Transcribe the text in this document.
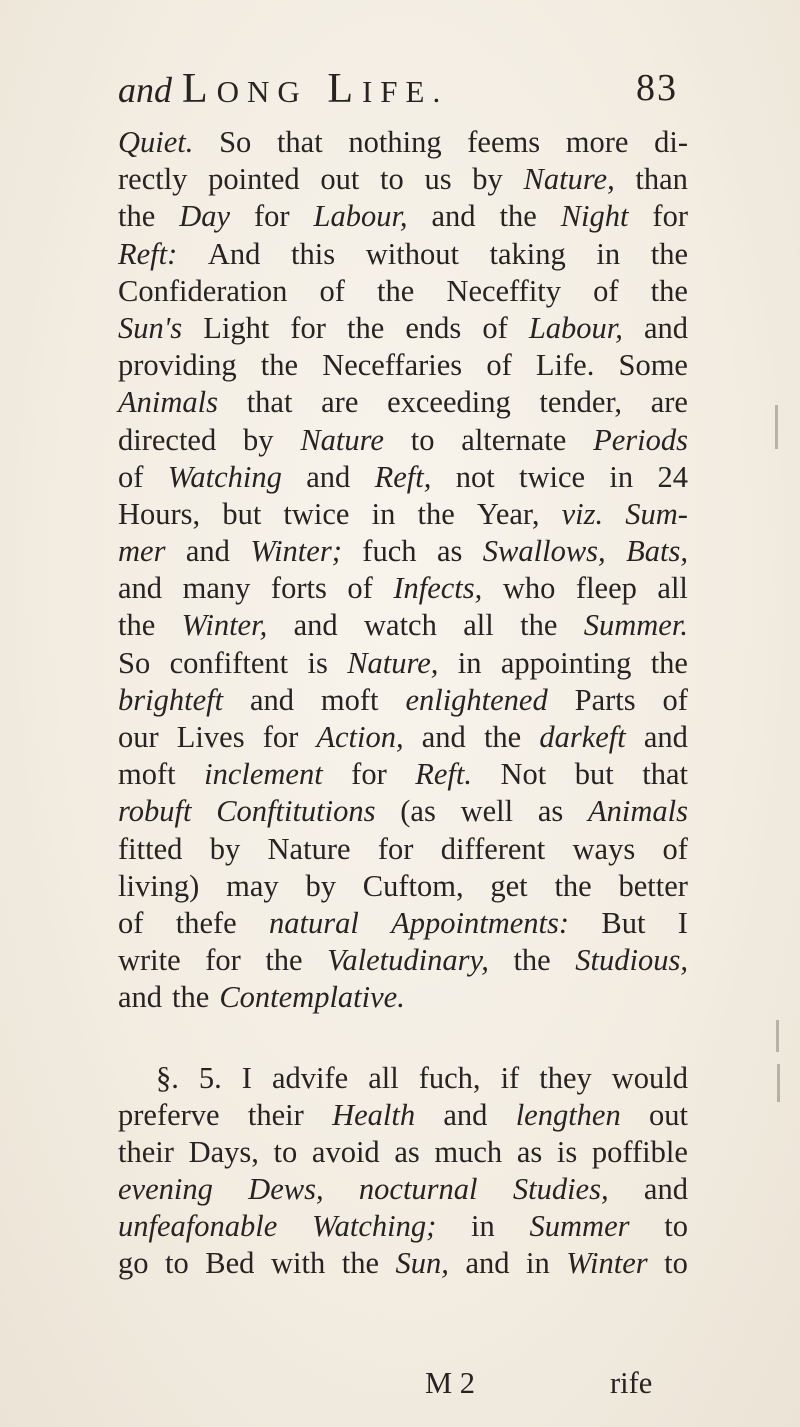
and LONG LIFE.	83
Quiet. So that nothing feems more di-
rectly pointed out to us by Nature, than
the Day for Labour, and the Night for
Reft: And this without taking in the
Confideration of the Neceffity of the
Sun's Light for the ends of Labour, and
providing the Neceffaries of Life. Some
Animals that are exceeding tender, are
directed by Nature to alternate Periods
of Watching and Reft, not twice in 24
Hours, but twice in the Year, viz. Sum-
mer and Winter; fuch as Swallows, Bats,
and many forts of Infects, who fleep all
the Winter, and watch all the Summer.
So confiftent is Nature, in appointing the
brighteft and moft enlightened Parts of
our Lives for Action, and the darkeft and
moft inclement for Reft. Not but that
robuft Conftitutions (as well as Animals
fitted by Nature for different ways of
living) may by Cuftom, get the better
of thefe natural Appointments: But I
write for the Valetudinary, the Studious,
and the Contemplative.
§. 5. I advife all fuch, if they would
preferve their Health and lengthen out
their Days, to avoid as much as is poffible
evening Dews, nocturnal Studies, and
unfeafonable Watching; in Summer to
go to Bed with the Sun, and in Winter to
M 2	rife
